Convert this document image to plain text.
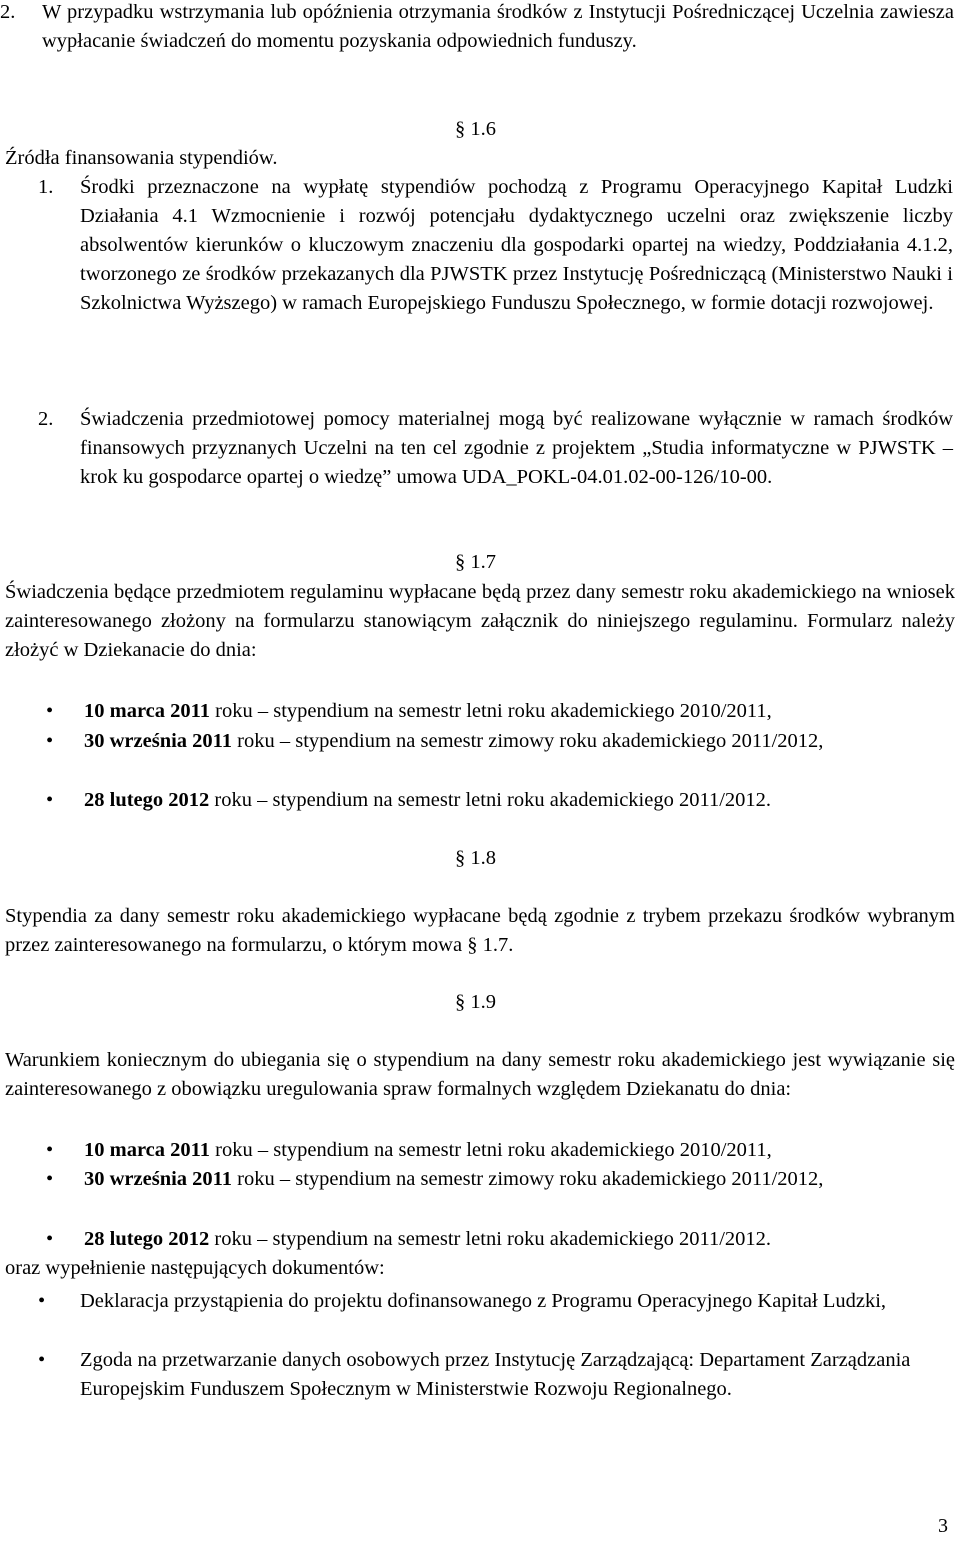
2. W przypadku wstrzymania lub opóźnienia otrzymania środków z Instytucji Pośredniczącej Uczelnia zawiesza wypłacanie świadczeń do momentu pozyskania odpowiednich funduszy.
§ 1.6
Źródła finansowania stypendiów.
1. Środki przeznaczone na wypłatę stypendiów pochodzą z Programu Operacyjnego Kapitał Ludzki Działania 4.1 Wzmocnienie i rozwój potencjału dydaktycznego uczelni oraz zwiększenie liczby absolwentów kierunków o kluczowym znaczeniu dla gospodarki opartej na wiedzy, Poddziałania 4.1.2, tworzonego ze środków przekazanych dla PJWSTK przez Instytucję Pośredniczącą (Ministerstwo Nauki i Szkolnictwa Wyższego) w ramach Europejskiego Funduszu Społecznego, w formie dotacji rozwojowej.
2. Świadczenia przedmiotowej pomocy materialnej mogą być realizowane wyłącznie w ramach środków finansowych przyznanych Uczelni na ten cel zgodnie z projektem „Studia informatyczne w PJWSTK – krok ku gospodarce opartej o wiedzę” umowa UDA_POKL-04.01.02-00-126/10-00.
§ 1.7
Świadczenia będące przedmiotem regulaminu wypłacane będą przez dany semestr roku akademickiego na wniosek zainteresowanego złożony na formularzu stanowiącym załącznik do niniejszego regulaminu. Formularz należy złożyć w Dziekanacie do dnia:
•	10 marca 2011 roku – stypendium na semestr letni roku akademickiego 2010/2011,
•	30 września 2011 roku – stypendium na semestr zimowy roku akademickiego 2011/2012,
•	28 lutego 2012 roku – stypendium na semestr letni roku akademickiego 2011/2012.
§ 1.8
Stypendia za dany semestr roku akademickiego wypłacane będą zgodnie z trybem przekazu środków wybranym przez zainteresowanego na formularzu, o którym mowa § 1.7.
§ 1.9
Warunkiem koniecznym do ubiegania się o stypendium na dany semestr roku akademickiego jest wywiązanie się zainteresowanego z obowiązku uregulowania spraw formalnych względem Dziekanatu do dnia:
•	10 marca 2011 roku – stypendium na semestr letni roku akademickiego 2010/2011,
•	30 września 2011 roku – stypendium na semestr zimowy roku akademickiego 2011/2012,
•	28 lutego 2012 roku – stypendium na semestr letni roku akademickiego 2011/2012.
oraz wypełnienie następujących dokumentów:
•	Deklaracja przystąpienia do projektu dofinansowanego z Programu Operacyjnego Kapitał Ludzki,
•	Zgoda na przetwarzanie danych osobowych przez Instytucję Zarządzającą: Departament Zarządzania Europejskim Funduszem Społecznym w Ministerstwie Rozwoju Regionalnego.
3
